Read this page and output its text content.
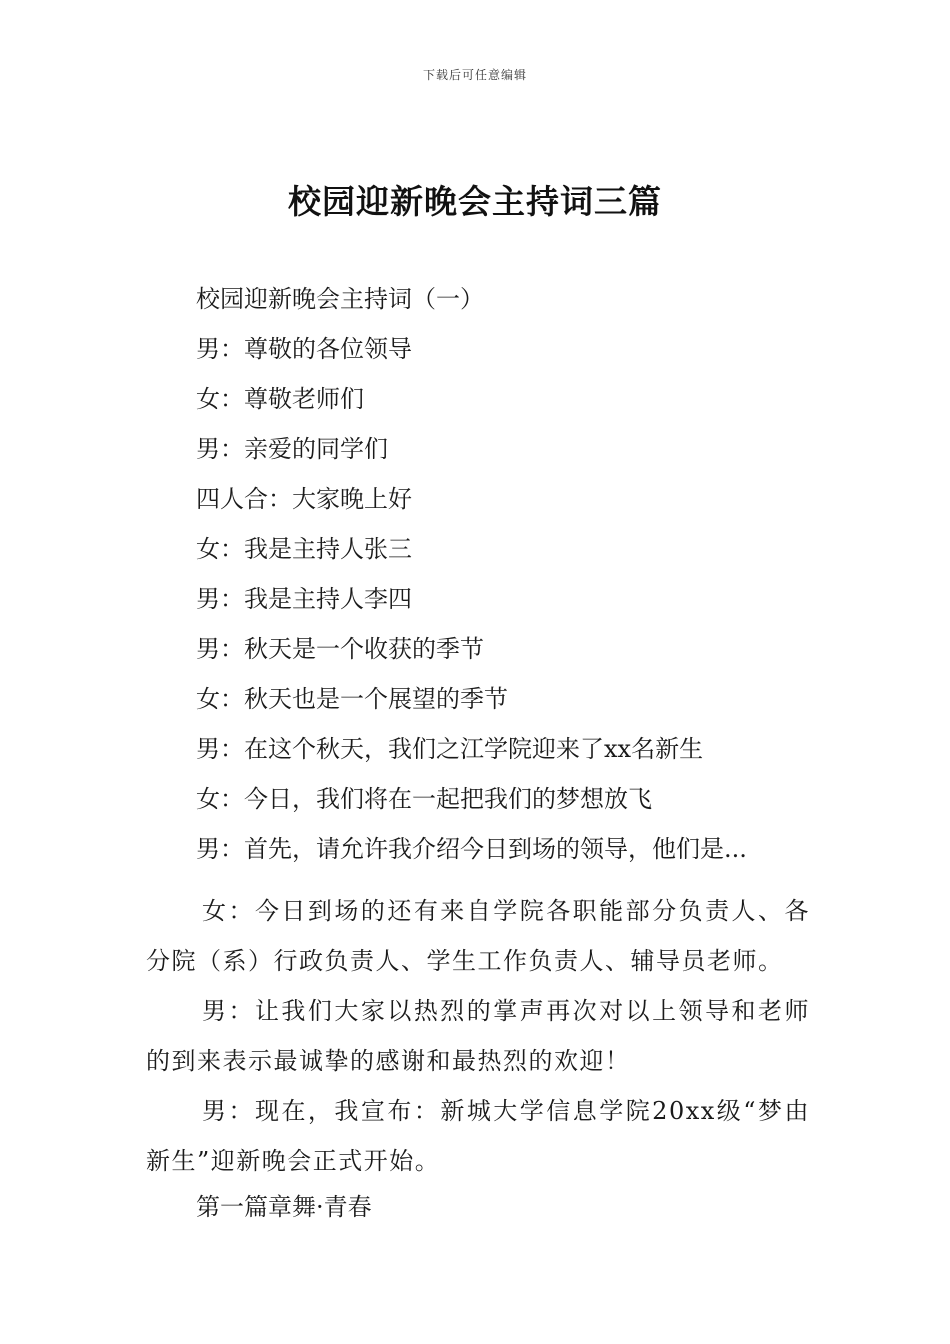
下载后可任意编辑
校园迎新晚会主持词三篇
校园迎新晚会主持词（一）
男：尊敬的各位领导
女：尊敬老师们
男：亲爱的同学们
四人合：大家晚上好
女：我是主持人张三
男：我是主持人李四
男：秋天是一个收获的季节
女：秋天也是一个展望的季节
男：在这个秋天，我们之江学院迎来了xx名新生
女：今日，我们将在一起把我们的梦想放飞
男：首先，请允许我介绍今日到场的领导，他们是...

女：今日到场的还有来自学院各职能部分负责人、各分院（系）行政负责人、学生工作负责人、辅导员老师。

男：让我们大家以热烈的掌声再次对以上领导和老师的到来表示最诚挚的感谢和最热烈的欢迎！

男：现在，我宣布：新城大学信息学院20xx级“梦由新生”迎新晚会正式开始。

第一篇章舞·青春
